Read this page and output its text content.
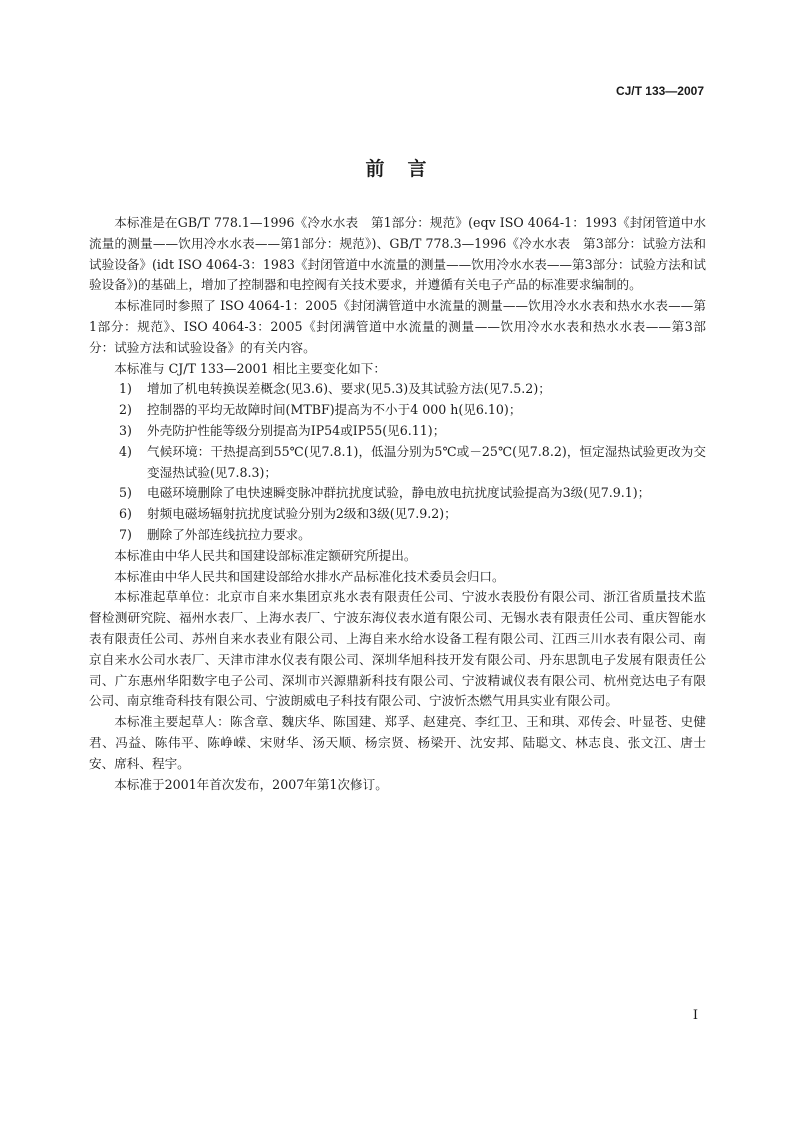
CJ/T 133—2007
前　言

本标准是在GB/T 778.1—1996《冷水水表　第1部分：规范》(eqv ISO 4064-1：1993《封闭管道中水流量的测量——饮用冷水水表——第1部分：规范》)、GB/T 778.3—1996《冷水水表　第3部分：试验方法和试验设备》(idt ISO 4064-3：1983《封闭管道中水流量的测量——饮用冷水水表——第3部分：试验方法和试验设备》)的基础上，增加了控制器和电控阀有关技术要求，并遵循有关电子产品的标准要求编制的。

本标准同时参照了 ISO 4064-1：2005《封闭满管道中水流量的测量——饮用冷水水表和热水水表——第1部分：规范》、ISO 4064-3：2005《封闭满管道中水流量的测量——饮用冷水水表和热水水表——第3部分：试验方法和试验设备》的有关内容。

本标准与 CJ/T 133—2001 相比主要变化如下：

1)	增加了机电转换误差概念(见3.6)、要求(见5.3)及其试验方法(见7.5.2)；
2)	控制器的平均无故障时间(MTBF)提高为不小于4 000 h(见6.10)；
3)	外壳防护性能等级分别提高为IP54或IP55(见6.11)；
4)	气候环境：干热提高到55℃(见7.8.1)，低温分别为5℃或－25℃(见7.8.2)，恒定湿热试验更改为交变湿热试验(见7.8.3)；
5)	电磁环境删除了电快速瞬变脉冲群抗扰度试验，静电放电抗扰度试验提高为3级(见7.9.1)；
6)	射频电磁场辐射抗扰度试验分别为2级和3级(见7.9.2)；
7)	删除了外部连线抗拉力要求。

本标准由中华人民共和国建设部标准定额研究所提出。

本标准由中华人民共和国建设部给水排水产品标准化技术委员会归口。

本标准起草单位：北京市自来水集团京兆水表有限责任公司、宁波水表股份有限公司、浙江省质量技术监督检测研究院、福州水表厂、上海水表厂、宁波东海仪表水道有限公司、无锡水表有限责任公司、重庆智能水表有限责任公司、苏州自来水表业有限公司、上海自来水给水设备工程有限公司、江西三川水表有限公司、南京自来水公司水表厂、天津市津水仪表有限公司、深圳华旭科技开发有限公司、丹东思凯电子发展有限责任公司、广东惠州华阳数字电子公司、深圳市兴源鼎新科技有限公司、宁波精诚仪表有限公司、杭州竞达电子有限公司、南京维奇科技有限公司、宁波朗威电子科技有限公司、宁波忻杰燃气用具实业有限公司。

本标准主要起草人：陈含章、魏庆华、陈国建、郑孚、赵建亮、李红卫、王和琪、邓传会、叶显苍、史健君、冯益、陈伟平、陈峥嵘、宋财华、汤天顺、杨宗贤、杨梁开、沈安邦、陆聪文、林志良、张文江、唐士安、席科、程宇。

本标准于2001年首次发布，2007年第1次修订。

I
